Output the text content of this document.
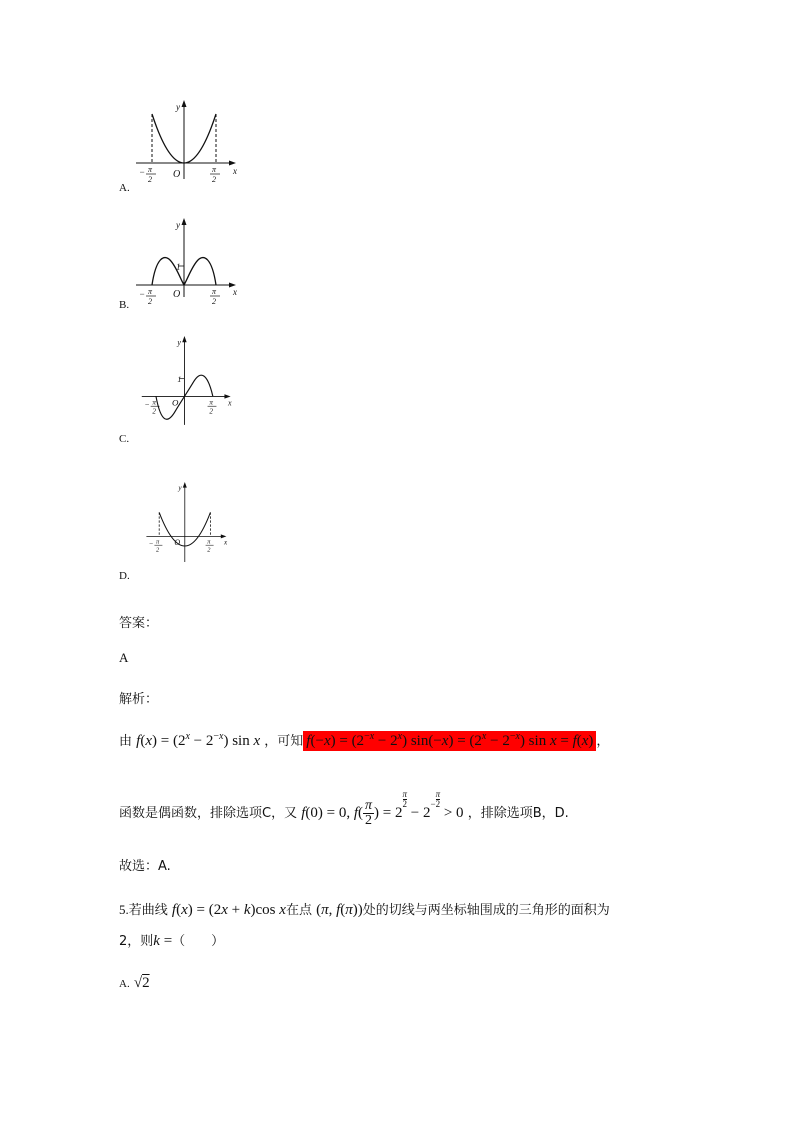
y
x
O
− π
2
π
2
A.
y
1
x
O
− π
2
π
2
B.
y
1
x
O
− π
2
π
2
C.
y
x
O
− π
2
π
2
D.
答案：
A
解析：
由 $f(x) = (2^x - 2^{-x})$ sin x ，可知 $f(-x) = (2^{-x} - 2^x) \sin(-x) = (2^x - 2^{-x})$ sin x = f(x) ，
函数是偶函数，排除选项C，又 f(0) = 0, $f( \frac{\pi}{2}$ ) = 2
$\frac{\pi}{2}$
− 2
− $\frac{\pi}{2}$
> 0 ，排除选项B，D.
故选：A.
5.若曲线 f(x) = (2x + k)cos x在点 (π, f(π))处的切线与两坐标轴围成的三角形的面积为
2，则k =（　　）
A. √2
